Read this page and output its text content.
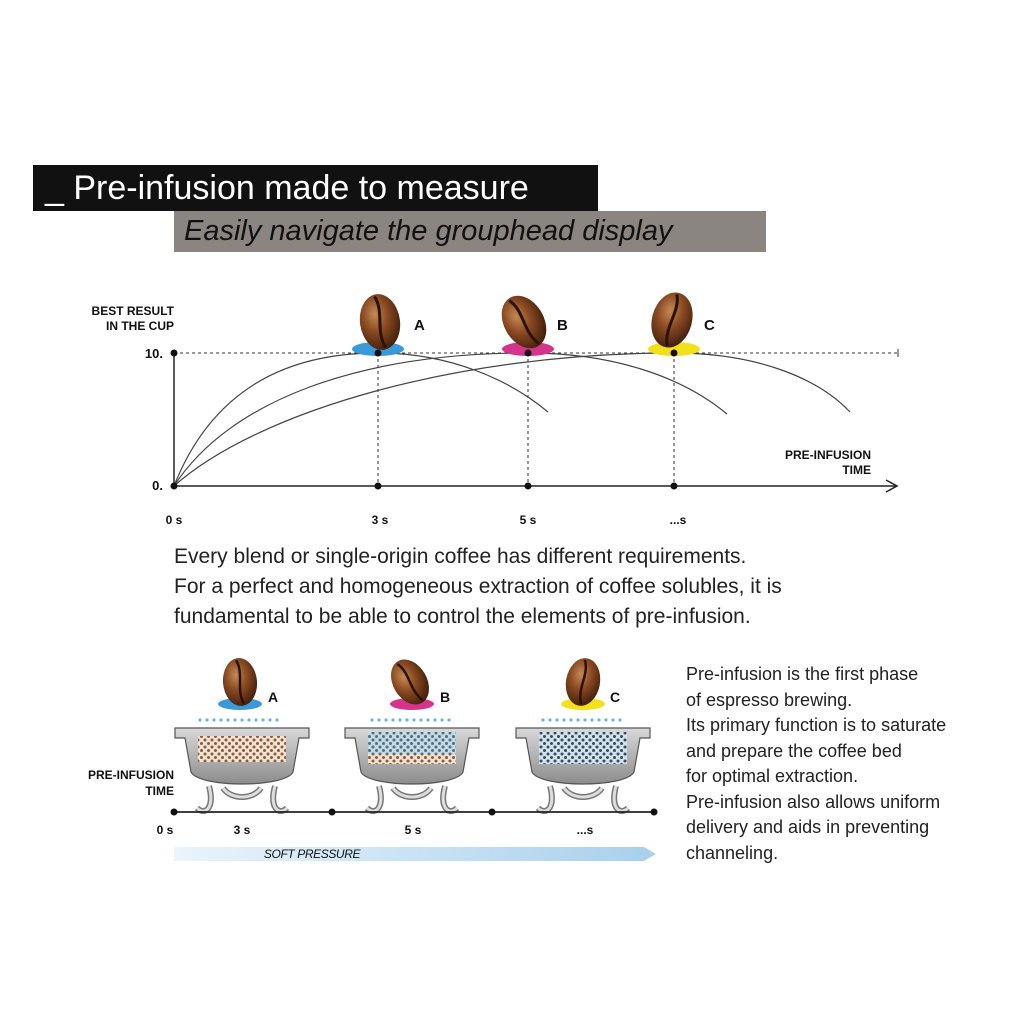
_ Pre-infusion made to measure
Easily navigate the grouphead display
A	B	C
BEST RESULT
IN THE CUP
10.
0.
PRE-INFUSION
TIME
0 s	3 s	5 s	...s
Every blend or single-origin coffee has different requirements.
For a perfect and homogeneous extraction of coffee solubles, it is
fundamental to be able to control the elements of pre-infusion.
A	B	C
PRE-INFUSION
TIME
0 s	3 s	5 s	...s
SOFT PRESSURE
Pre-infusion is the first phase
of espresso brewing.
Its primary function is to saturate
and prepare the coffee bed
for optimal extraction.
Pre-infusion also allows uniform
delivery and aids in preventing
channeling.
